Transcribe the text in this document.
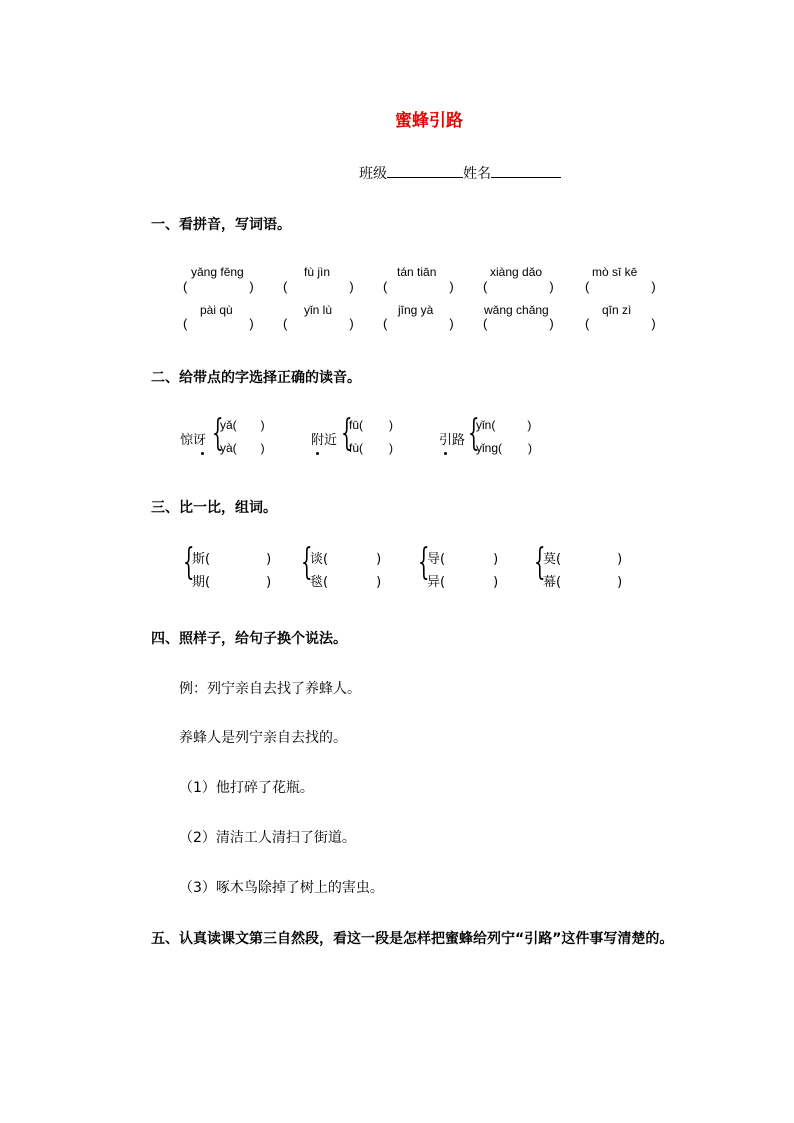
蜜蜂引路
班级	姓名
一、看拼音，写词语。
yǎng fēng	fù jìn	tán tiān	xiàng dǎo	mò sī kē
(	) (	) (	) (	) (	)
pài qù	yǐn lù	jīng yà	wǎng chǎng	qīn zì
(	) (	) (	) (	) (	)
二、给带点的字选择正确的读音。
惊讶 {
yǎ( )
yà( )	附近 {
fū( )
fù( )	引路 {
yǐn(	)
yǐng( )
三、比一比，组词。
{
斯(	)
期(	) {
谈(	)
毯(	) {
导(	)
异(	) {
莫(	)
幕(	)
四、照样子，给句子换个说法。
例：列宁亲自去找了养蜂人。
养蜂人是列宁亲自去找的。
（1）他打碎了花瓶。
（2）清洁工人清扫了街道。
（3）啄木鸟除掉了树上的害虫。
五、认真读课文第三自然段，看这一段是怎样把蜜蜂给列宁“引路”这件事写清楚的。
